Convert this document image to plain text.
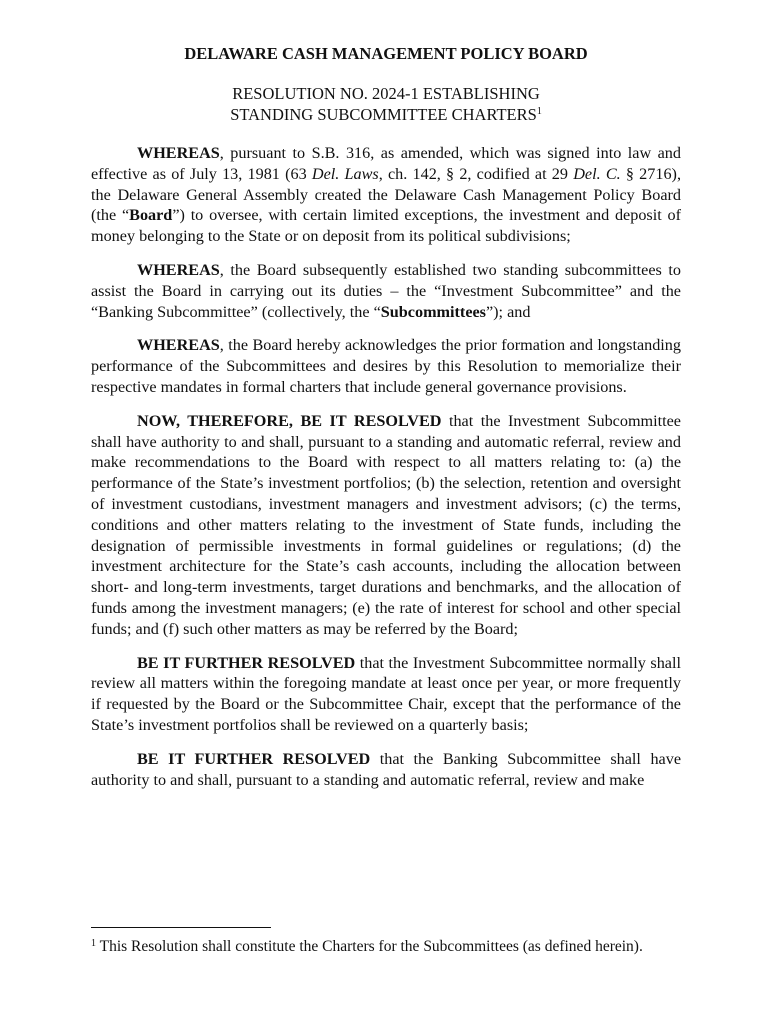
DELAWARE CASH MANAGEMENT POLICY BOARD
RESOLUTION NO. 2024-1 ESTABLISHING
STANDING SUBCOMMITTEE CHARTERS$^1$

WHEREAS, pursuant to S.B. 316, as amended, which was signed into law and effective as of July 13, 1981 (63 Del. Laws, ch. 142, § 2, codified at 29 Del. C. § 2716), the Delaware General Assembly created the Delaware Cash Management Policy Board (the “Board”) to oversee, with certain limited exceptions, the investment and deposit of money belonging to the State or on deposit from its political subdivisions;

WHEREAS, the Board subsequently established two standing subcommittees to assist the Board in carrying out its duties – the “Investment Subcommittee” and the “Banking Subcommittee” (collectively, the “Subcommittees”); and

WHEREAS, the Board hereby acknowledges the prior formation and longstanding performance of the Subcommittees and desires by this Resolution to memorialize their respective mandates in formal charters that include general governance provisions.

NOW, THEREFORE, BE IT RESOLVED that the Investment Subcommittee shall have authority to and shall, pursuant to a standing and automatic referral, review and make recommendations to the Board with respect to all matters relating to: (a) the performance of the State’s investment portfolios; (b) the selection, retention and oversight of investment custodians, investment managers and investment advisors; (c) the terms, conditions and other matters relating to the investment of State funds, including the designation of permissible investments in formal guidelines or regulations; (d) the investment architecture for the State’s cash accounts, including the allocation between short- and long-term investments, target durations and benchmarks, and the allocation of funds among the investment managers; (e) the rate of interest for school and other special funds; and (f) such other matters as may be referred by the Board;

BE IT FURTHER RESOLVED that the Investment Subcommittee normally shall review all matters within the foregoing mandate at least once per year, or more frequently if requested by the Board or the Subcommittee Chair, except that the performance of the State’s investment portfolios shall be reviewed on a quarterly basis;

BE IT FURTHER RESOLVED that the Banking Subcommittee shall have authority to and shall, pursuant to a standing and automatic referral, review and make

$^1$ This Resolution shall constitute the Charters for the Subcommittees (as defined herein).
